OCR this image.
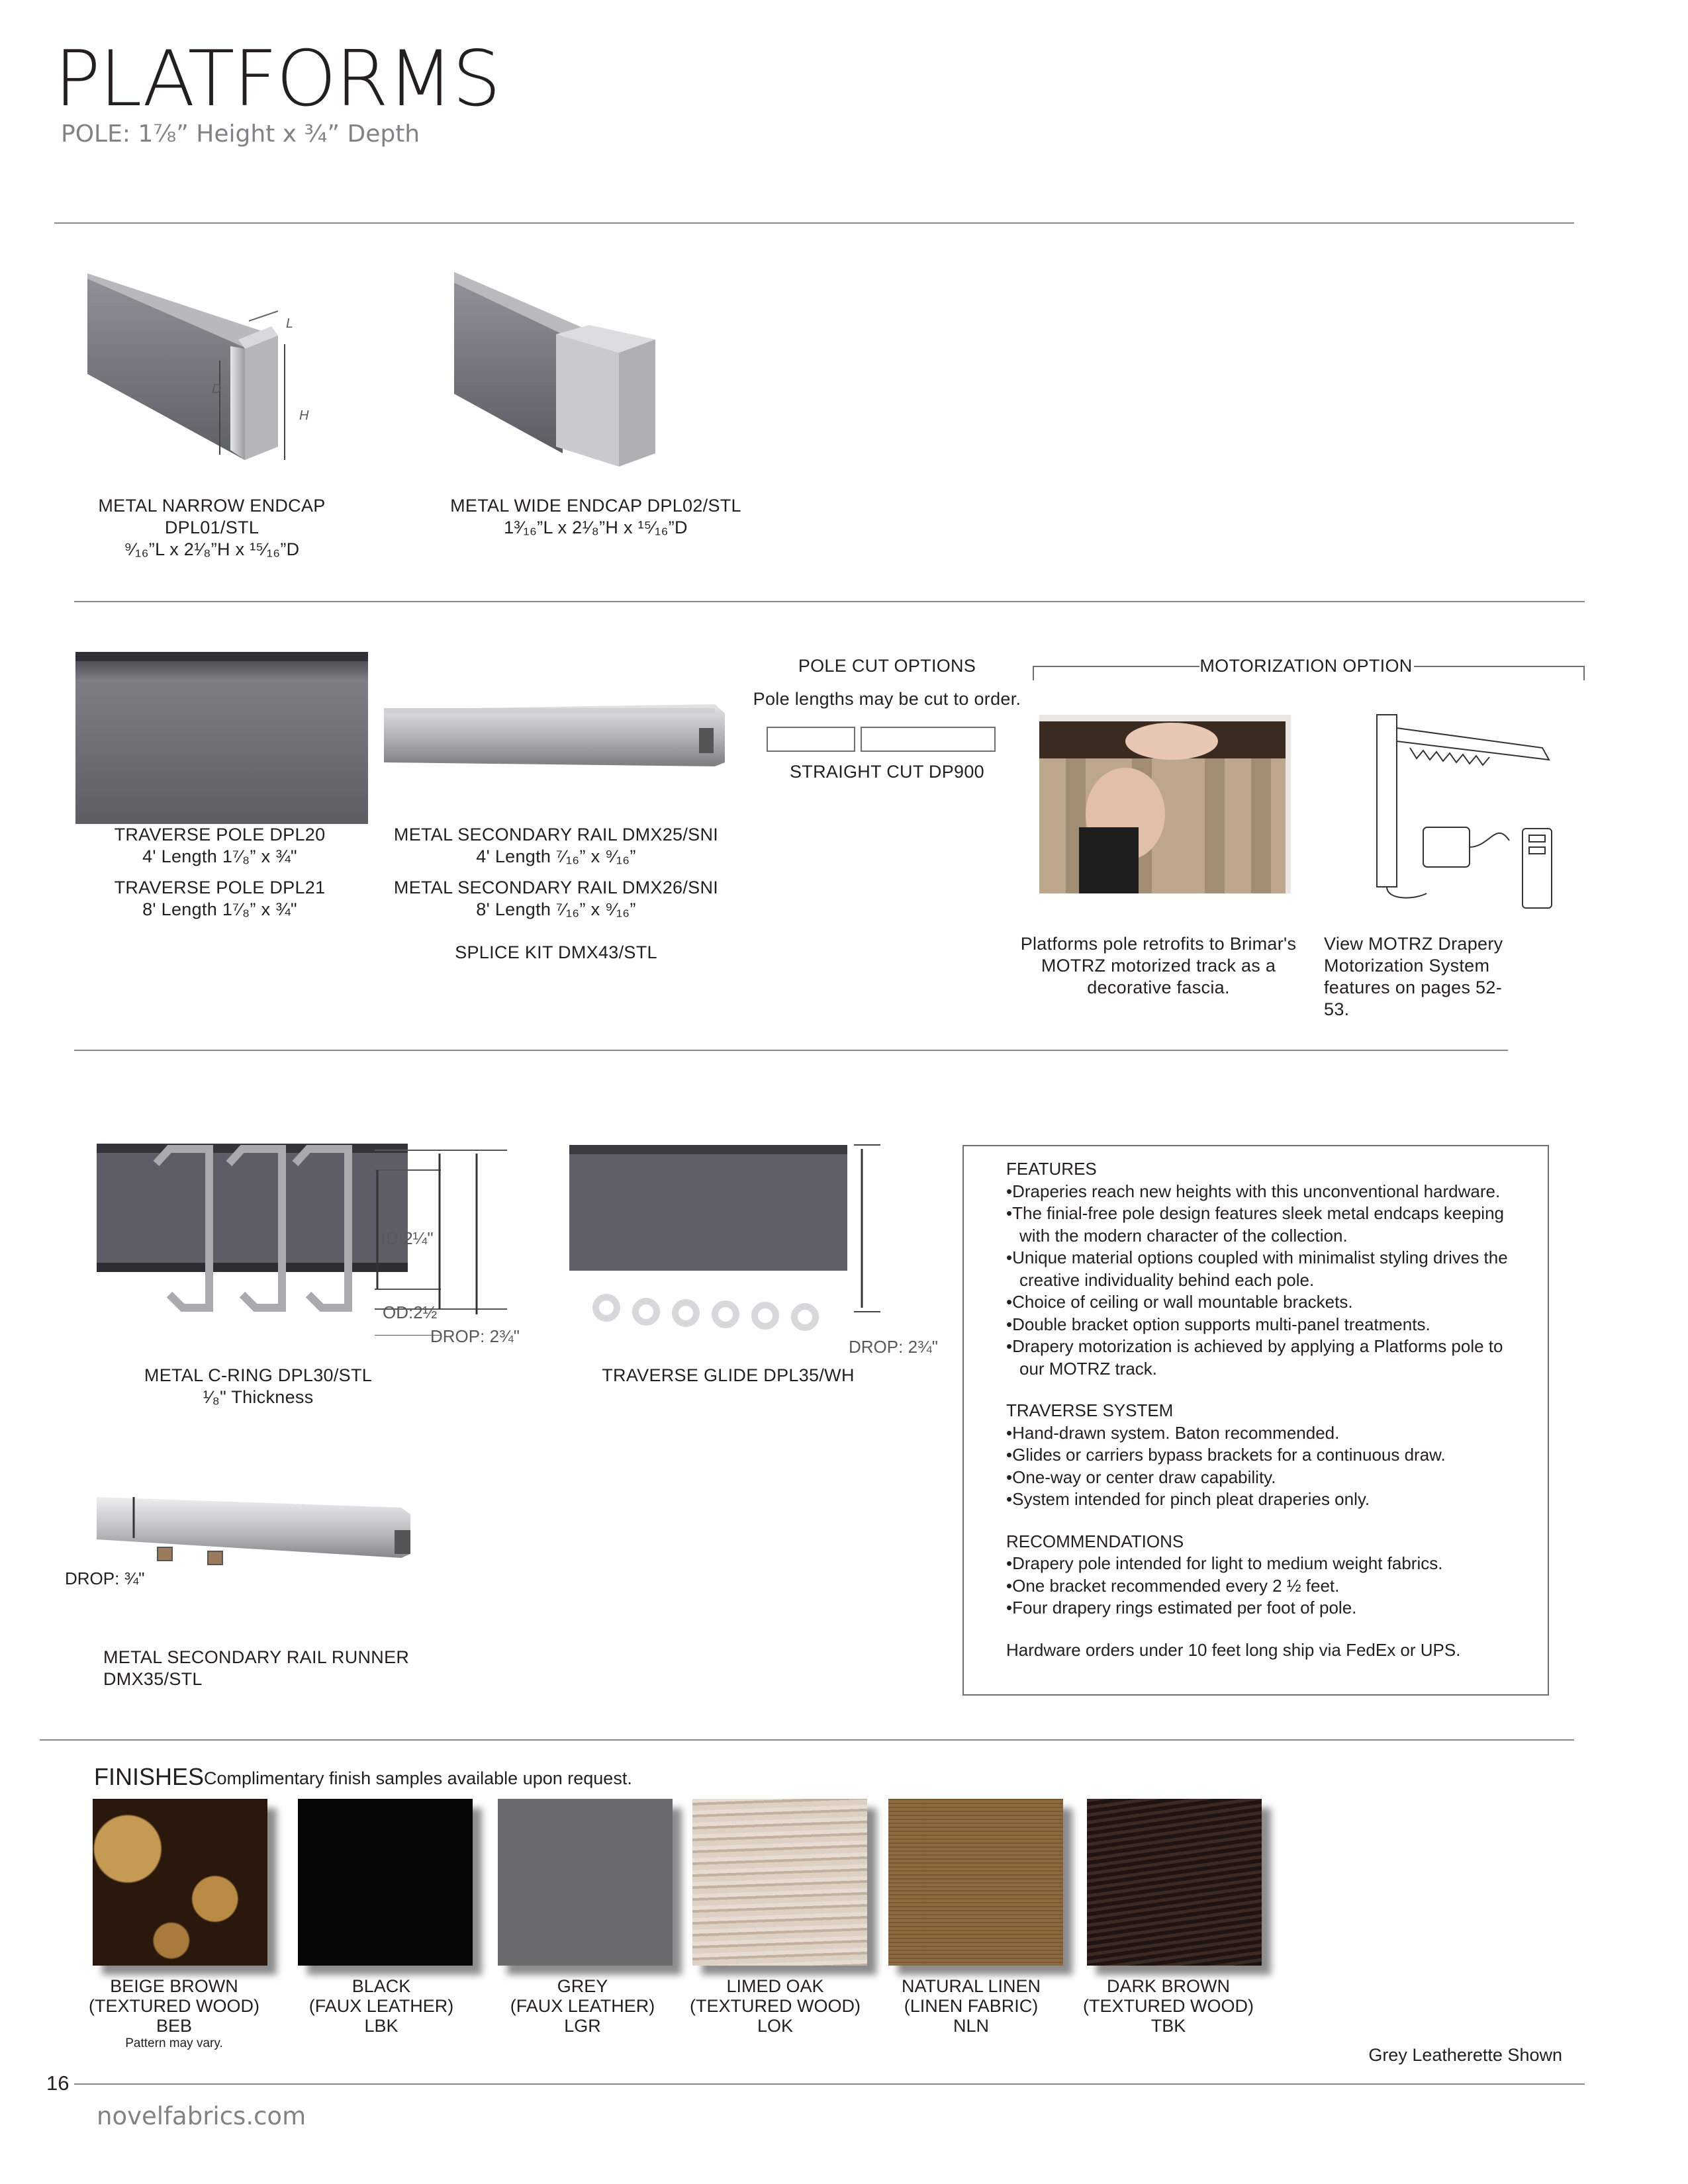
PLATFORMS
POLE: 1⁷⁄₈” Height x ¾” Depth
L
D
H
METAL NARROW ENDCAP DPL01/STL
⁹⁄₁₆”L x 2¹⁄₈”H x ¹⁵⁄₁₆”D
METAL WIDE ENDCAP DPL02/STL
1³⁄₁₆”L x 2¹⁄₈”H x ¹⁵⁄₁₆”D
TRAVERSE POLE DPL20
4' Length 1⁷⁄₈” x ¾"
TRAVERSE POLE DPL21
8' Length 1⁷⁄₈” x ¾"
METAL SECONDARY RAIL DMX25/SNI
4' Length ⁷⁄₁₆” x ⁹⁄₁₆”
METAL SECONDARY RAIL DMX26/SNI
8' Length ⁷⁄₁₆” x ⁹⁄₁₆”
SPLICE KIT DMX43/STL
POLE CUT OPTIONS
Pole lengths may be cut to order.
STRAIGHT CUT DP900
MOTORIZATION OPTION
Platforms pole retrofits to Brimar's
MOTRZ motorized track as a
decorative fascia.
View MOTRZ Drapery
Motorization System
features on pages 52-53.
ID:2¼"
OD:2½
DROP: 2¾"
METAL C-RING DPL30/STL
¹⁄₈" Thickness
DROP: 2¾"
TRAVERSE GLIDE DPL35/WH
DROP: ¾"
METAL SECONDARY RAIL RUNNER DMX35/STL
FEATURES
• Draperies reach new heights with this unconventional hardware.
• The finial-free pole design features sleek metal endcaps keeping with the modern character of the collection.
• Unique material options coupled with minimalist styling drives the creative individuality behind each pole.
• Choice of ceiling or wall mountable brackets.
• Double bracket option supports multi-panel treatments.
• Drapery motorization is achieved by applying a Platforms pole to our MOTRZ track.
TRAVERSE SYSTEM
• Hand-drawn system. Baton recommended.
• Glides or carriers bypass brackets for a continuous draw.
• One-way or center draw capability.
• System intended for pinch pleat draperies only.
RECOMMENDATIONS
• Drapery pole intended for light to medium weight fabrics.
• One bracket recommended every 2 ½ feet.
• Four drapery rings estimated per foot of pole.
Hardware orders under 10 feet long ship via FedEx or UPS.
FINISHES Complimentary finish samples available upon request.
BEIGE BROWN
(TEXTURED WOOD)
BEB
Pattern may vary.
BLACK
(FAUX LEATHER)
LBK
GREY
(FAUX LEATHER)
LGR
LIMED OAK
(TEXTURED WOOD)
LOK
NATURAL LINEN
(LINEN FABRIC)
NLN
DARK BROWN
(TEXTURED WOOD)
TBK
Grey Leatherette Shown
16
novelfabrics.com
